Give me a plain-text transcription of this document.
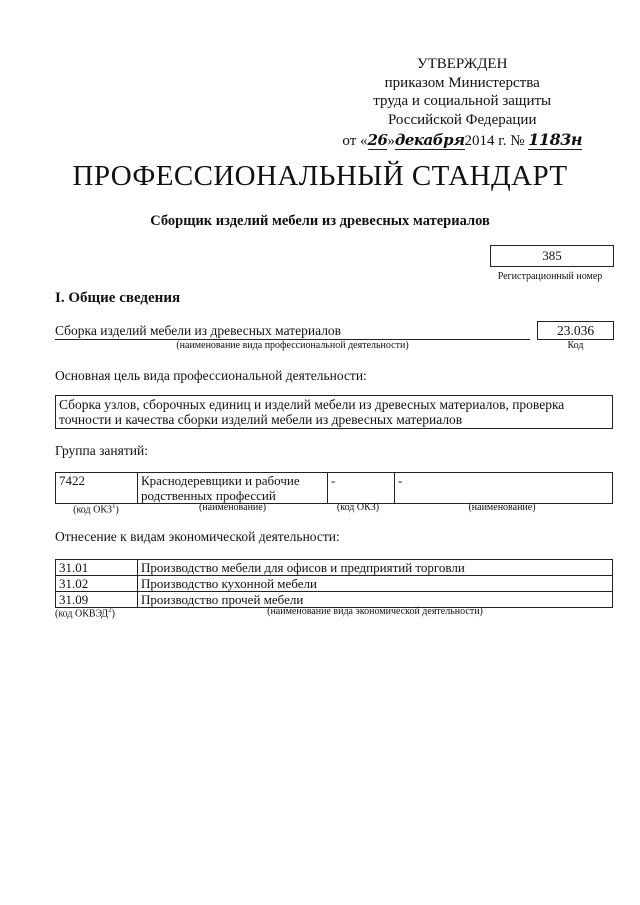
УТВЕРЖДЕН
приказом Министерства
труда и социальной защиты
Российской Федерации
от «26»декабря2014 г. № 1183н
ПРОФЕССИОНАЛЬНЫЙ СТАНДАРТ
Сборщик изделий мебели из древесных материалов
385
Регистрационный номер
I. Общие сведения
Сборка изделий мебели из древесных материалов
(наименование вида профессиональной деятельности)
23.036
Код
Основная цель вида профессиональной деятельности:
Сборка узлов, сборочных единиц и изделий мебели из древесных материалов, проверка точности и качества сборки изделий мебели из древесных материалов
Группа занятий:
7422	Краснодеревщики и рабочие родственных профессий	-	-
(код ОКЗ$^1$)	(наименование)	(код ОКЗ)	(наименование)
Отнесение к видам экономической деятельности:
31.01	Производство мебели для офисов и предприятий торговли
31.02	Производство кухонной мебели
31.09	Производство прочей мебели
(код ОКВЭД$^2$)	(наименование вида экономической деятельности)
